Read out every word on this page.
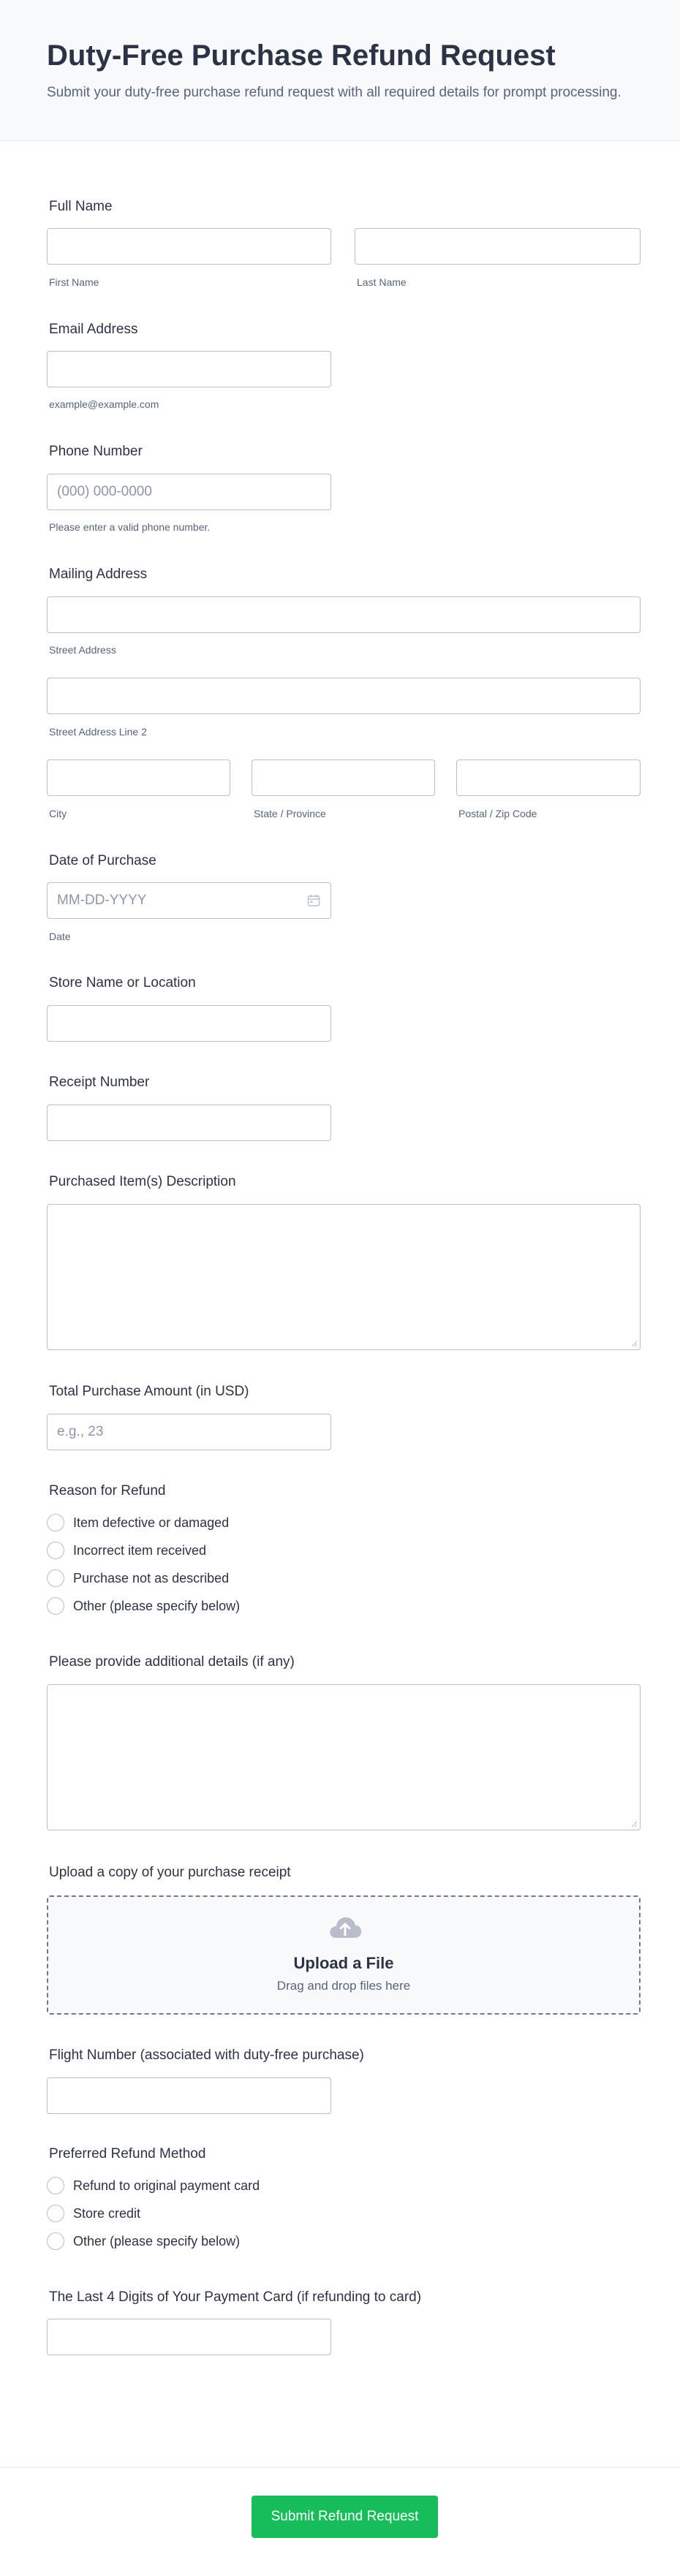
Duty-Free Purchase Refund Request

Submit your duty-free purchase refund request with all required details for prompt processing.

Full Name
First Name	Last Name
Email Address
example@example.com
Phone Number
(000) 000-0000
Please enter a valid phone number.
Mailing Address
Street Address
Street Address Line 2
City	State / Province	Postal / Zip Code
Date of Purchase
MM-DD-YYYY
Date
Store Name or Location
Receipt Number
Purchased Item(s) Description
Total Purchase Amount (in USD)
e.g., 23
Reason for Refund
Item defective or damaged
Incorrect item received
Purchase not as described
Other (please specify below)
Please provide additional details (if any)
Upload a copy of your purchase receipt
Upload a File
Drag and drop files here
Flight Number (associated with duty-free purchase)
Preferred Refund Method
Refund to original payment card
Store credit
Other (please specify below)
The Last 4 Digits of Your Payment Card (if refunding to card)
Submit Refund Request
